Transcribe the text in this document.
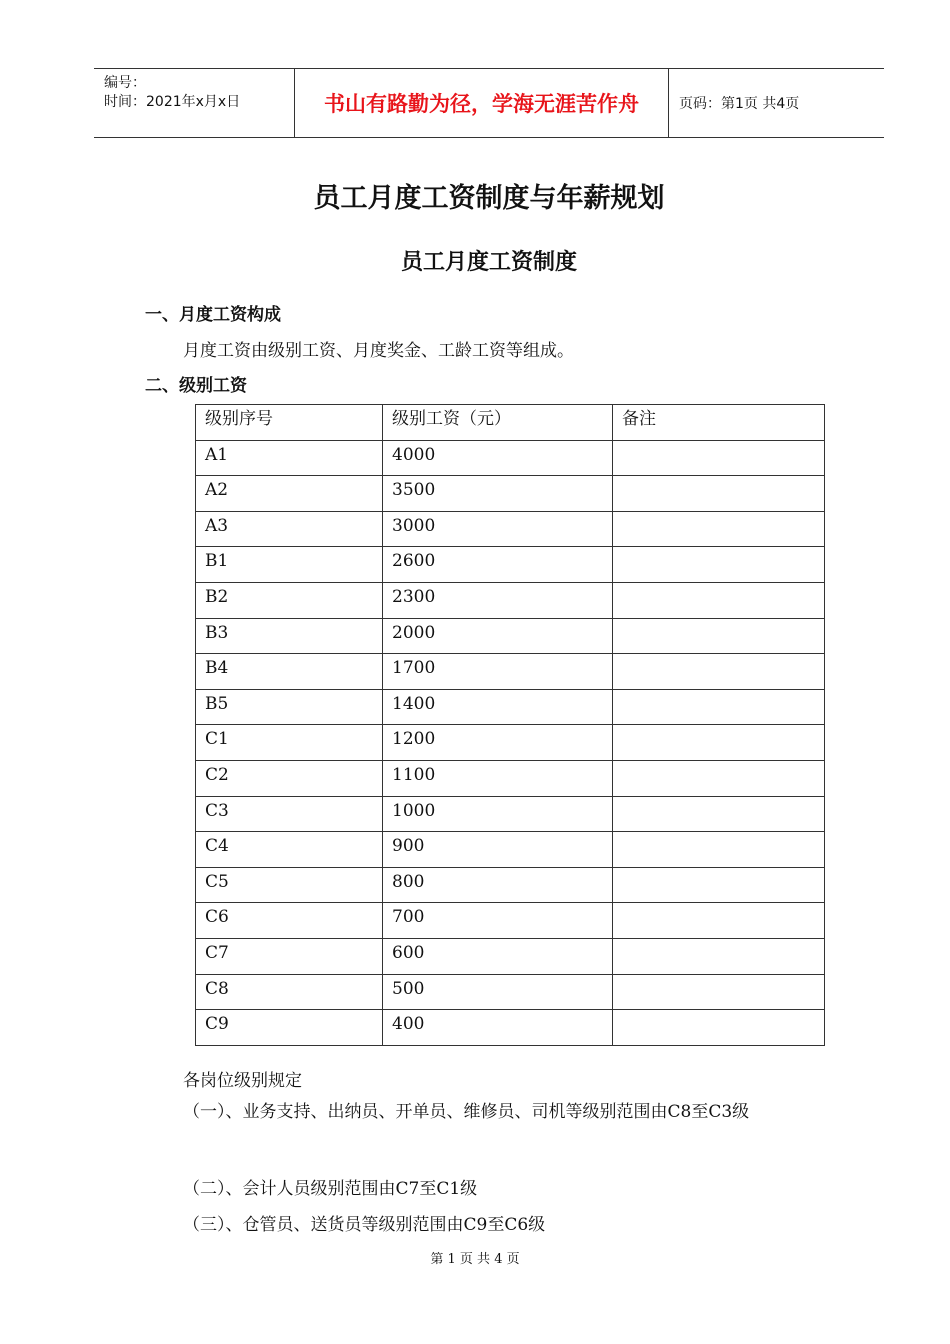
编号：
时间：2021年x月x日	书山有路勤为径，学海无涯苦作舟	页码：第1页 共4页
员工月度工资制度与年薪规划
员工月度工资制度
一、月度工资构成
月度工资由级别工资、月度奖金、工龄工资等组成。
二、级别工资
级别序号	级别工资（元）	备注
A1	4000	
A2	3500	
A3	3000	
B1	2600	
B2	2300	
B3	2000	
B4	1700	
B5	1400	
C1	1200	
C2	1100	
C3	1000	
C4	900	
C5	800	
C6	700	
C7	600	
C8	500	
C9	400	
各岗位级别规定
（一）、业务支持、出纳员、开单员、维修员、司机等级别范围由C8至C3级
（二）、会计人员级别范围由C7至C1级
（三）、仓管员、送货员等级别范围由C9至C6级
第 1 页 共 4 页
